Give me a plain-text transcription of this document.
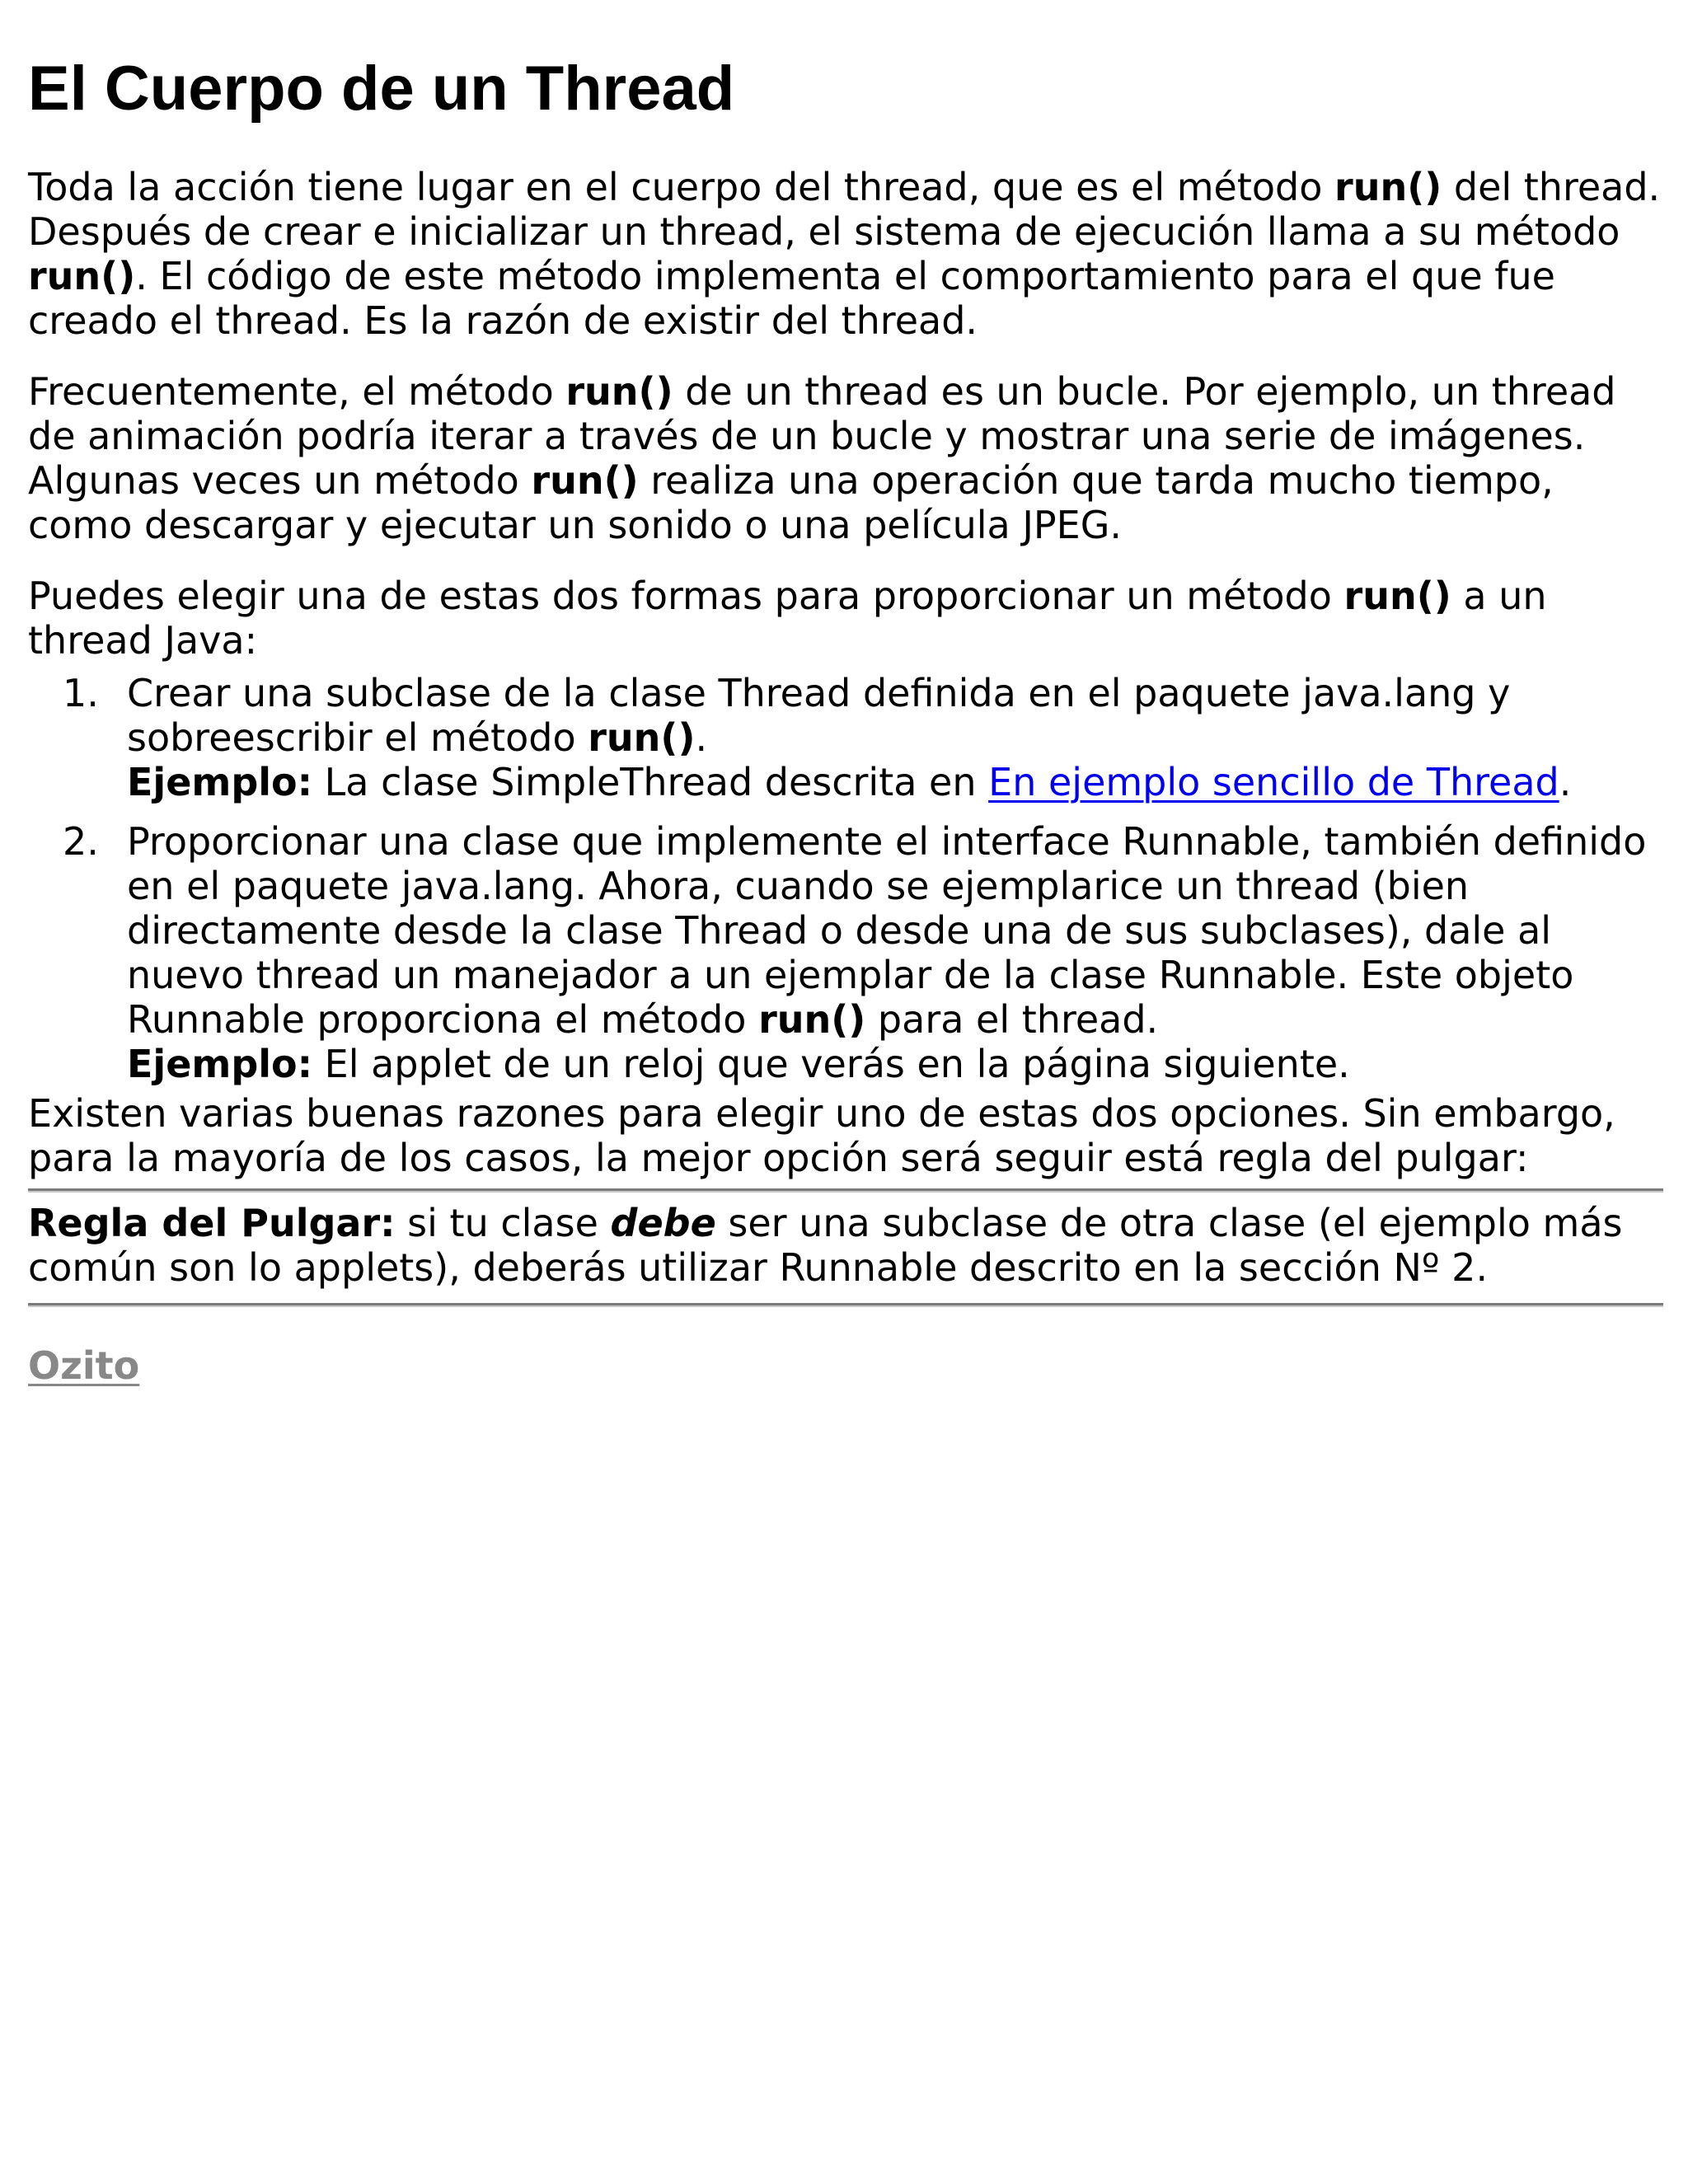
El Cuerpo de un Thread

Toda la acción tiene lugar en el cuerpo del thread, que es el método run() del thread. Después de crear e inicializar un thread, el sistema de ejecución llama a su método run(). El código de este método implementa el comportamiento para el que fue creado el thread. Es la razón de existir del thread.

Frecuentemente, el método run() de un thread es un bucle. Por ejemplo, un thread de animación podría iterar a través de un bucle y mostrar una serie de imágenes. Algunas veces un método run() realiza una operación que tarda mucho tiempo, como descargar y ejecutar un sonido o una película JPEG.

Puedes elegir una de estas dos formas para proporcionar un método run() a un thread Java:

1. Crear una subclase de la clase Thread definida en el paquete java.lang y sobreescribir el método run().
Ejemplo: La clase SimpleThread descrita en En ejemplo sencillo de Thread.
2. Proporcionar una clase que implemente el interface Runnable, también definido en el paquete java.lang. Ahora, cuando se ejemplarice un thread (bien directamente desde la clase Thread o desde una de sus subclases), dale al nuevo thread un manejador a un ejemplar de la clase Runnable. Este objeto Runnable proporciona el método run() para el thread.
Ejemplo: El applet de un reloj que verás en la página siguiente.

Existen varias buenas razones para elegir uno de estas dos opciones. Sin embargo, para la mayoría de los casos, la mejor opción será seguir está regla del pulgar:

Regla del Pulgar: si tu clase debe ser una subclase de otra clase (el ejemplo más común son lo applets), deberás utilizar Runnable descrito en la sección Nº 2.

Ozito
